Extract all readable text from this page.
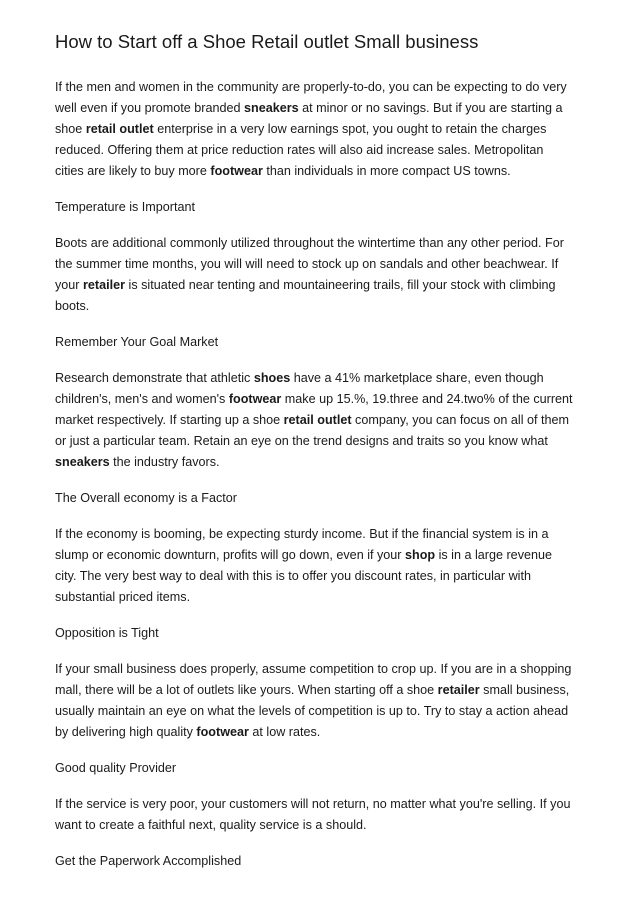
How to Start off a Shoe Retail outlet Small business
If the men and women in the community are properly-to-do, you can be expecting to do very
well even if you promote branded sneakers at minor or no savings. But if you are starting a
shoe retail outlet enterprise in a very low earnings spot, you ought to retain the charges
reduced. Offering them at price reduction rates will also aid increase sales. Metropolitan
cities are likely to buy more footwear than individuals in more compact US towns.
Temperature is Important
Boots are additional commonly utilized throughout the wintertime than any other period. For
the summer time months, you will will need to stock up on sandals and other beachwear. If
your retailer is situated near tenting and mountaineering trails, fill your stock with climbing
boots.
Remember Your Goal Market
Research demonstrate that athletic shoes have a 41% marketplace share, even though
children's, men's and women's footwear make up 15.%, 19.three and 24.two% of the current
market respectively. If starting up a shoe retail outlet company, you can focus on all of them
or just a particular team. Retain an eye on the trend designs and traits so you know what
sneakers the industry favors.
The Overall economy is a Factor
If the economy is booming, be expecting sturdy income. But if the financial system is in a
slump or economic downturn, profits will go down, even if your shop is in a large revenue
city. The very best way to deal with this is to offer you discount rates, in particular with
substantial priced items.
Opposition is Tight
If your small business does properly, assume competition to crop up. If you are in a shopping
mall, there will be a lot of outlets like yours. When starting off a shoe retailer small business,
usually maintain an eye on what the levels of competition is up to. Try to stay a action ahead
by delivering high quality footwear at low rates.
Good quality Provider
If the service is very poor, your customers will not return, no matter what you're selling. If you
want to create a faithful next, quality service is a should.
Get the Paperwork Accomplished
